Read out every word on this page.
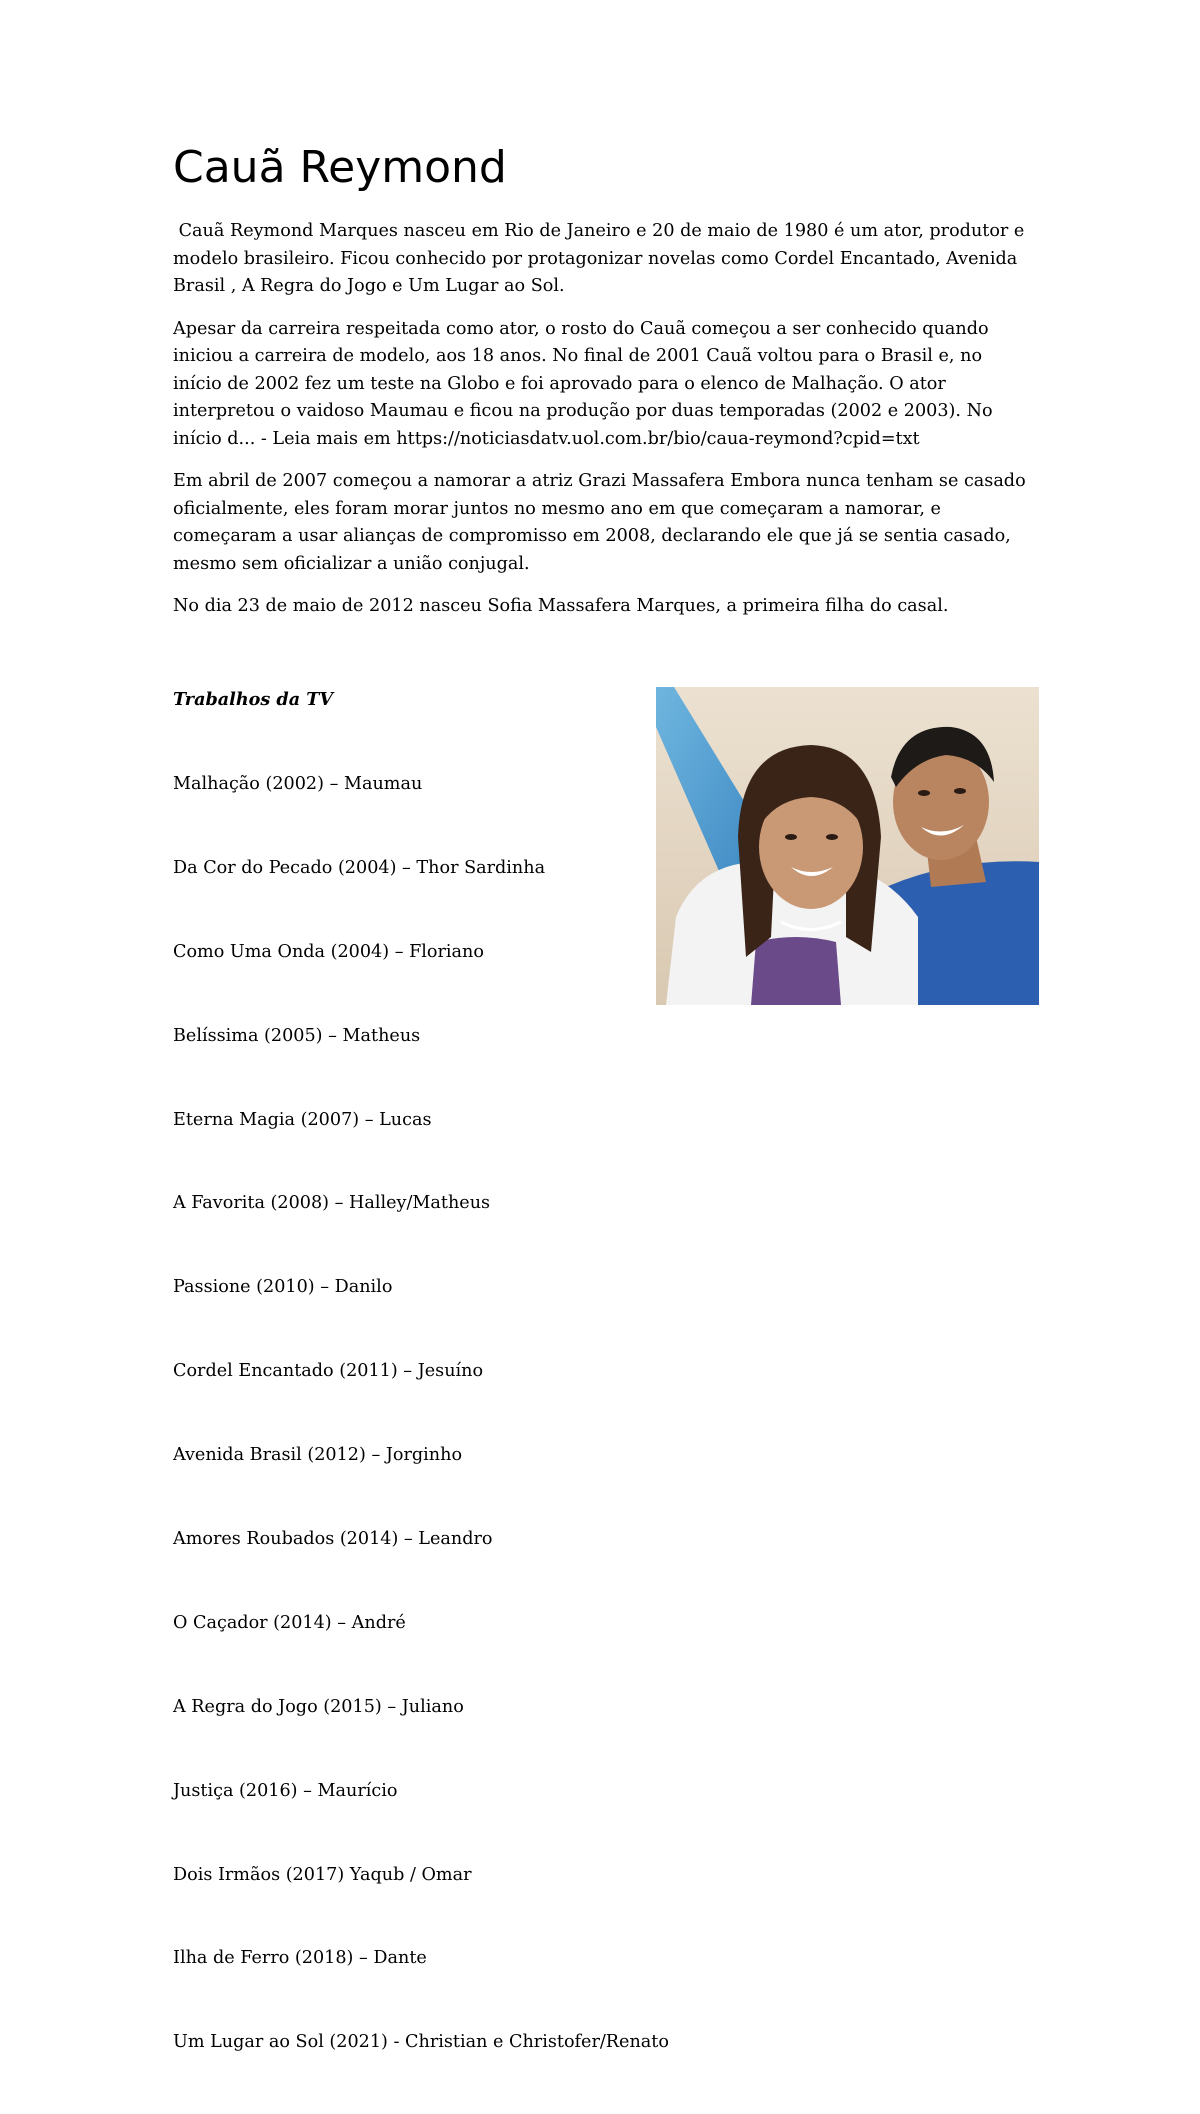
Cauã Reymond

Cauã Reymond Marques nasceu em Rio de Janeiro e 20 de maio de 1980 é um ator, produtor e modelo brasileiro. Ficou conhecido por protagonizar novelas como Cordel Encantado, Avenida Brasil , A Regra do Jogo e Um Lugar ao Sol.

Apesar da carreira respeitada como ator, o rosto do Cauã começou a ser conhecido quando iniciou a carreira de modelo, aos 18 anos. No final de 2001 Cauã voltou para o Brasil e, no início de 2002 fez um teste na Globo e foi aprovado para o elenco de Malhação. O ator interpretou o vaidoso Maumau e ficou na produção por duas temporadas (2002 e 2003). No início d... - Leia mais em https://noticiasdatv.uol.com.br/bio/caua-reymond?cpid=txt

Em abril de 2007 começou a namorar a atriz Grazi Massafera Embora nunca tenham se casado oficialmente, eles foram morar juntos no mesmo ano em que começaram a namorar, e começaram a usar alianças de compromisso em 2008, declarando ele que já se sentia casado, mesmo sem oficializar a união conjugal.

No dia 23 de maio de 2012 nasceu Sofia Massafera Marques, a primeira filha do casal.

Trabalhos da TV

Malhação (2002) – Maumau

Da Cor do Pecado (2004) – Thor Sardinha

Como Uma Onda (2004) – Floriano

Belíssima (2005) – Matheus

Eterna Magia (2007) – Lucas

A Favorita (2008) – Halley/Matheus

Passione (2010) – Danilo

Cordel Encantado (2011) – Jesuíno

Avenida Brasil (2012) – Jorginho

Amores Roubados (2014) – Leandro

O Caçador (2014) – André

A Regra do Jogo (2015) – Juliano

Justiça (2016) – Maurício

Dois Irmãos (2017) Yaqub / Omar

Ilha de Ferro (2018) – Dante

Um Lugar ao Sol (2021) - Christian e Christofer/Renato
